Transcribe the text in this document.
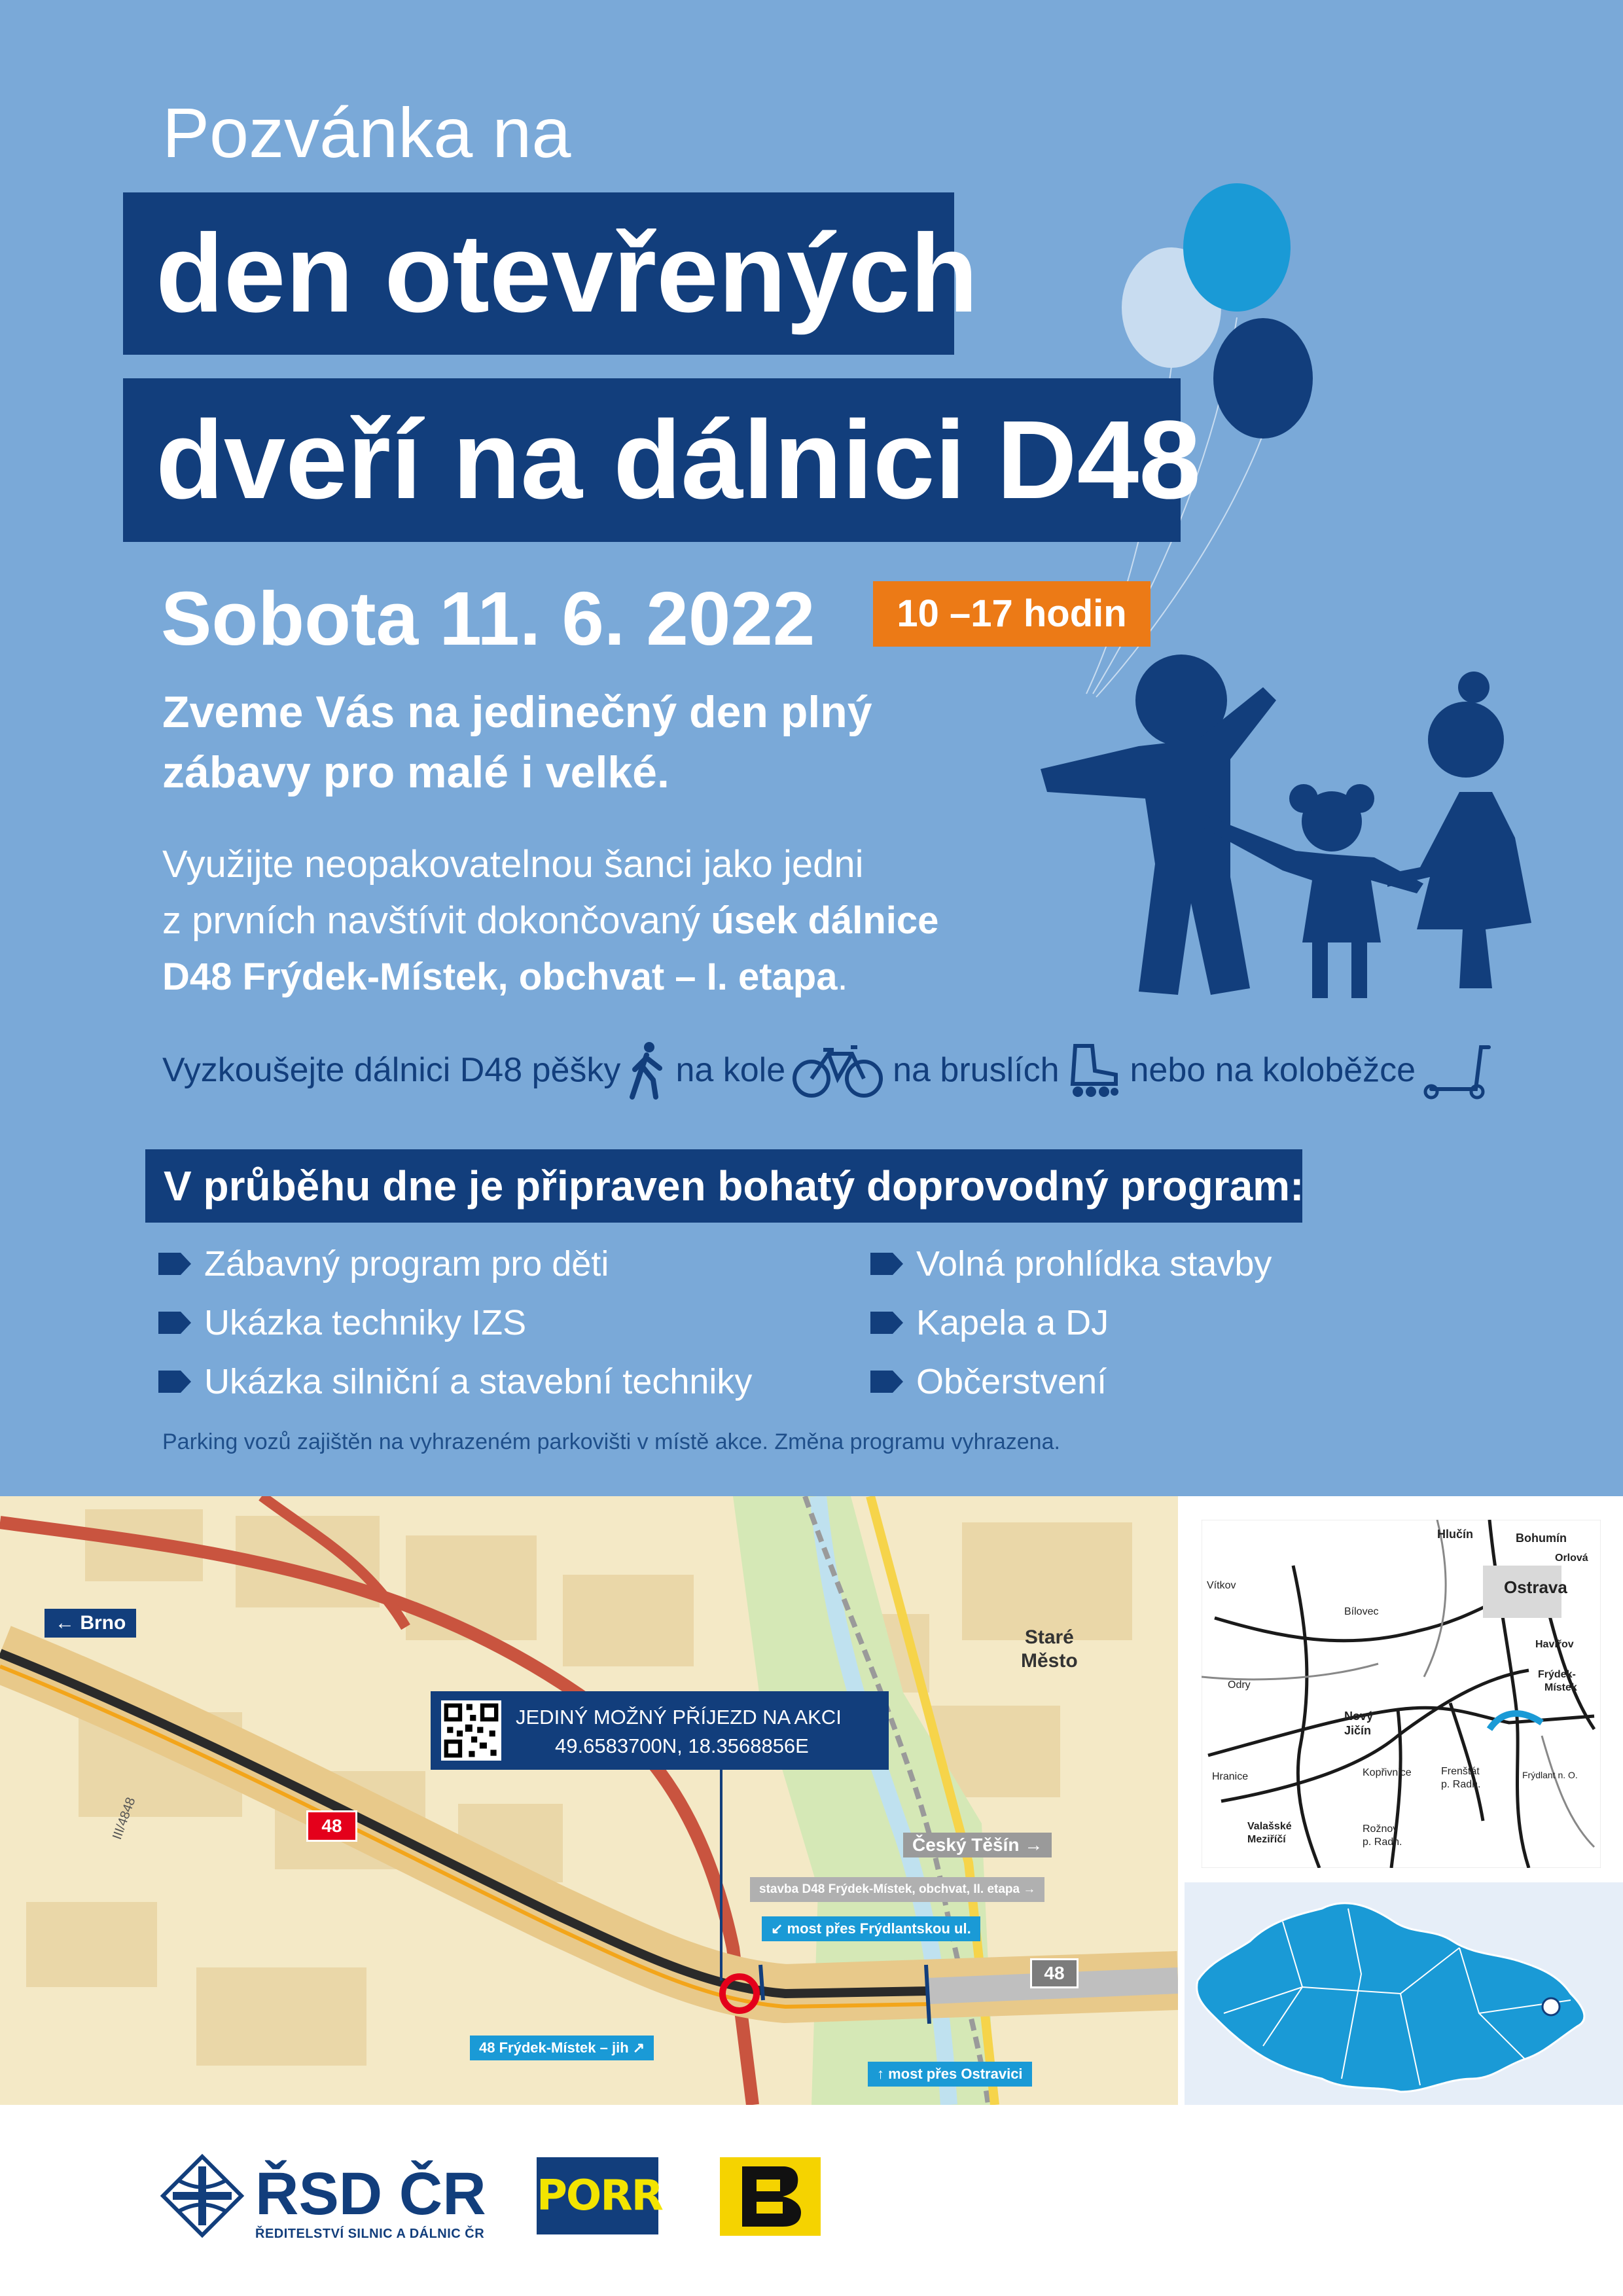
Pozvánka na
den otevřených
dveří na dálnici D48
Sobota 11. 6. 2022	10 –17 hodin
Zveme Vás na jedinečný den plný
zábavy pro malé i velké.
Využijte neopakovatelnou šanci jako jedni
z prvních navštívit dokončovaný úsek dálnice
D48 Frýdek-Místek, obchvat – I. etapa.
Vyzkoušejte dálnici D48 pěšky na kole	na bruslích nebo na koloběžce
V průběhu dne je připraven bohatý doprovodný program:
Zábavný program pro děti
Ukázka techniky IZS
Ukázka silniční a stavební techniky
Volná prohlídka stavby
Kapela a DJ
Občerstvení
Parking vozů zajištěn na vyhrazeném parkovišti v místě akce. Změna programu vyhrazena.
← Brno
Staré
Město
JEDINÝ MOŽNÝ PŘÍJEZD NA AKCI
49.6583700N, 18.3568856E
48
III/4848
48
Český Těšín →
stavba D48 Frýdek-Místek, obchvat, II. etapa →
↙ most přes Frýdlantskou ul.
48 Frýdek-Místek – jih ↗
↑ most přes Ostravici
Hlučín	Bohumín
Orlová
Ostrava
Vítkov
Bílovec
Havířov
Frýdek-
Místek
Odry
Nový
Jičín
Hranice	Kopřivnice	Frenštát
p. Radh.
Frýdlant n. O.
Valašské
Meziříčí
Rožnov
p. Radh.
ŘSD ČR
ŘEDITELSTVÍ SILNIC A DÁLNIC ČR
PORR
